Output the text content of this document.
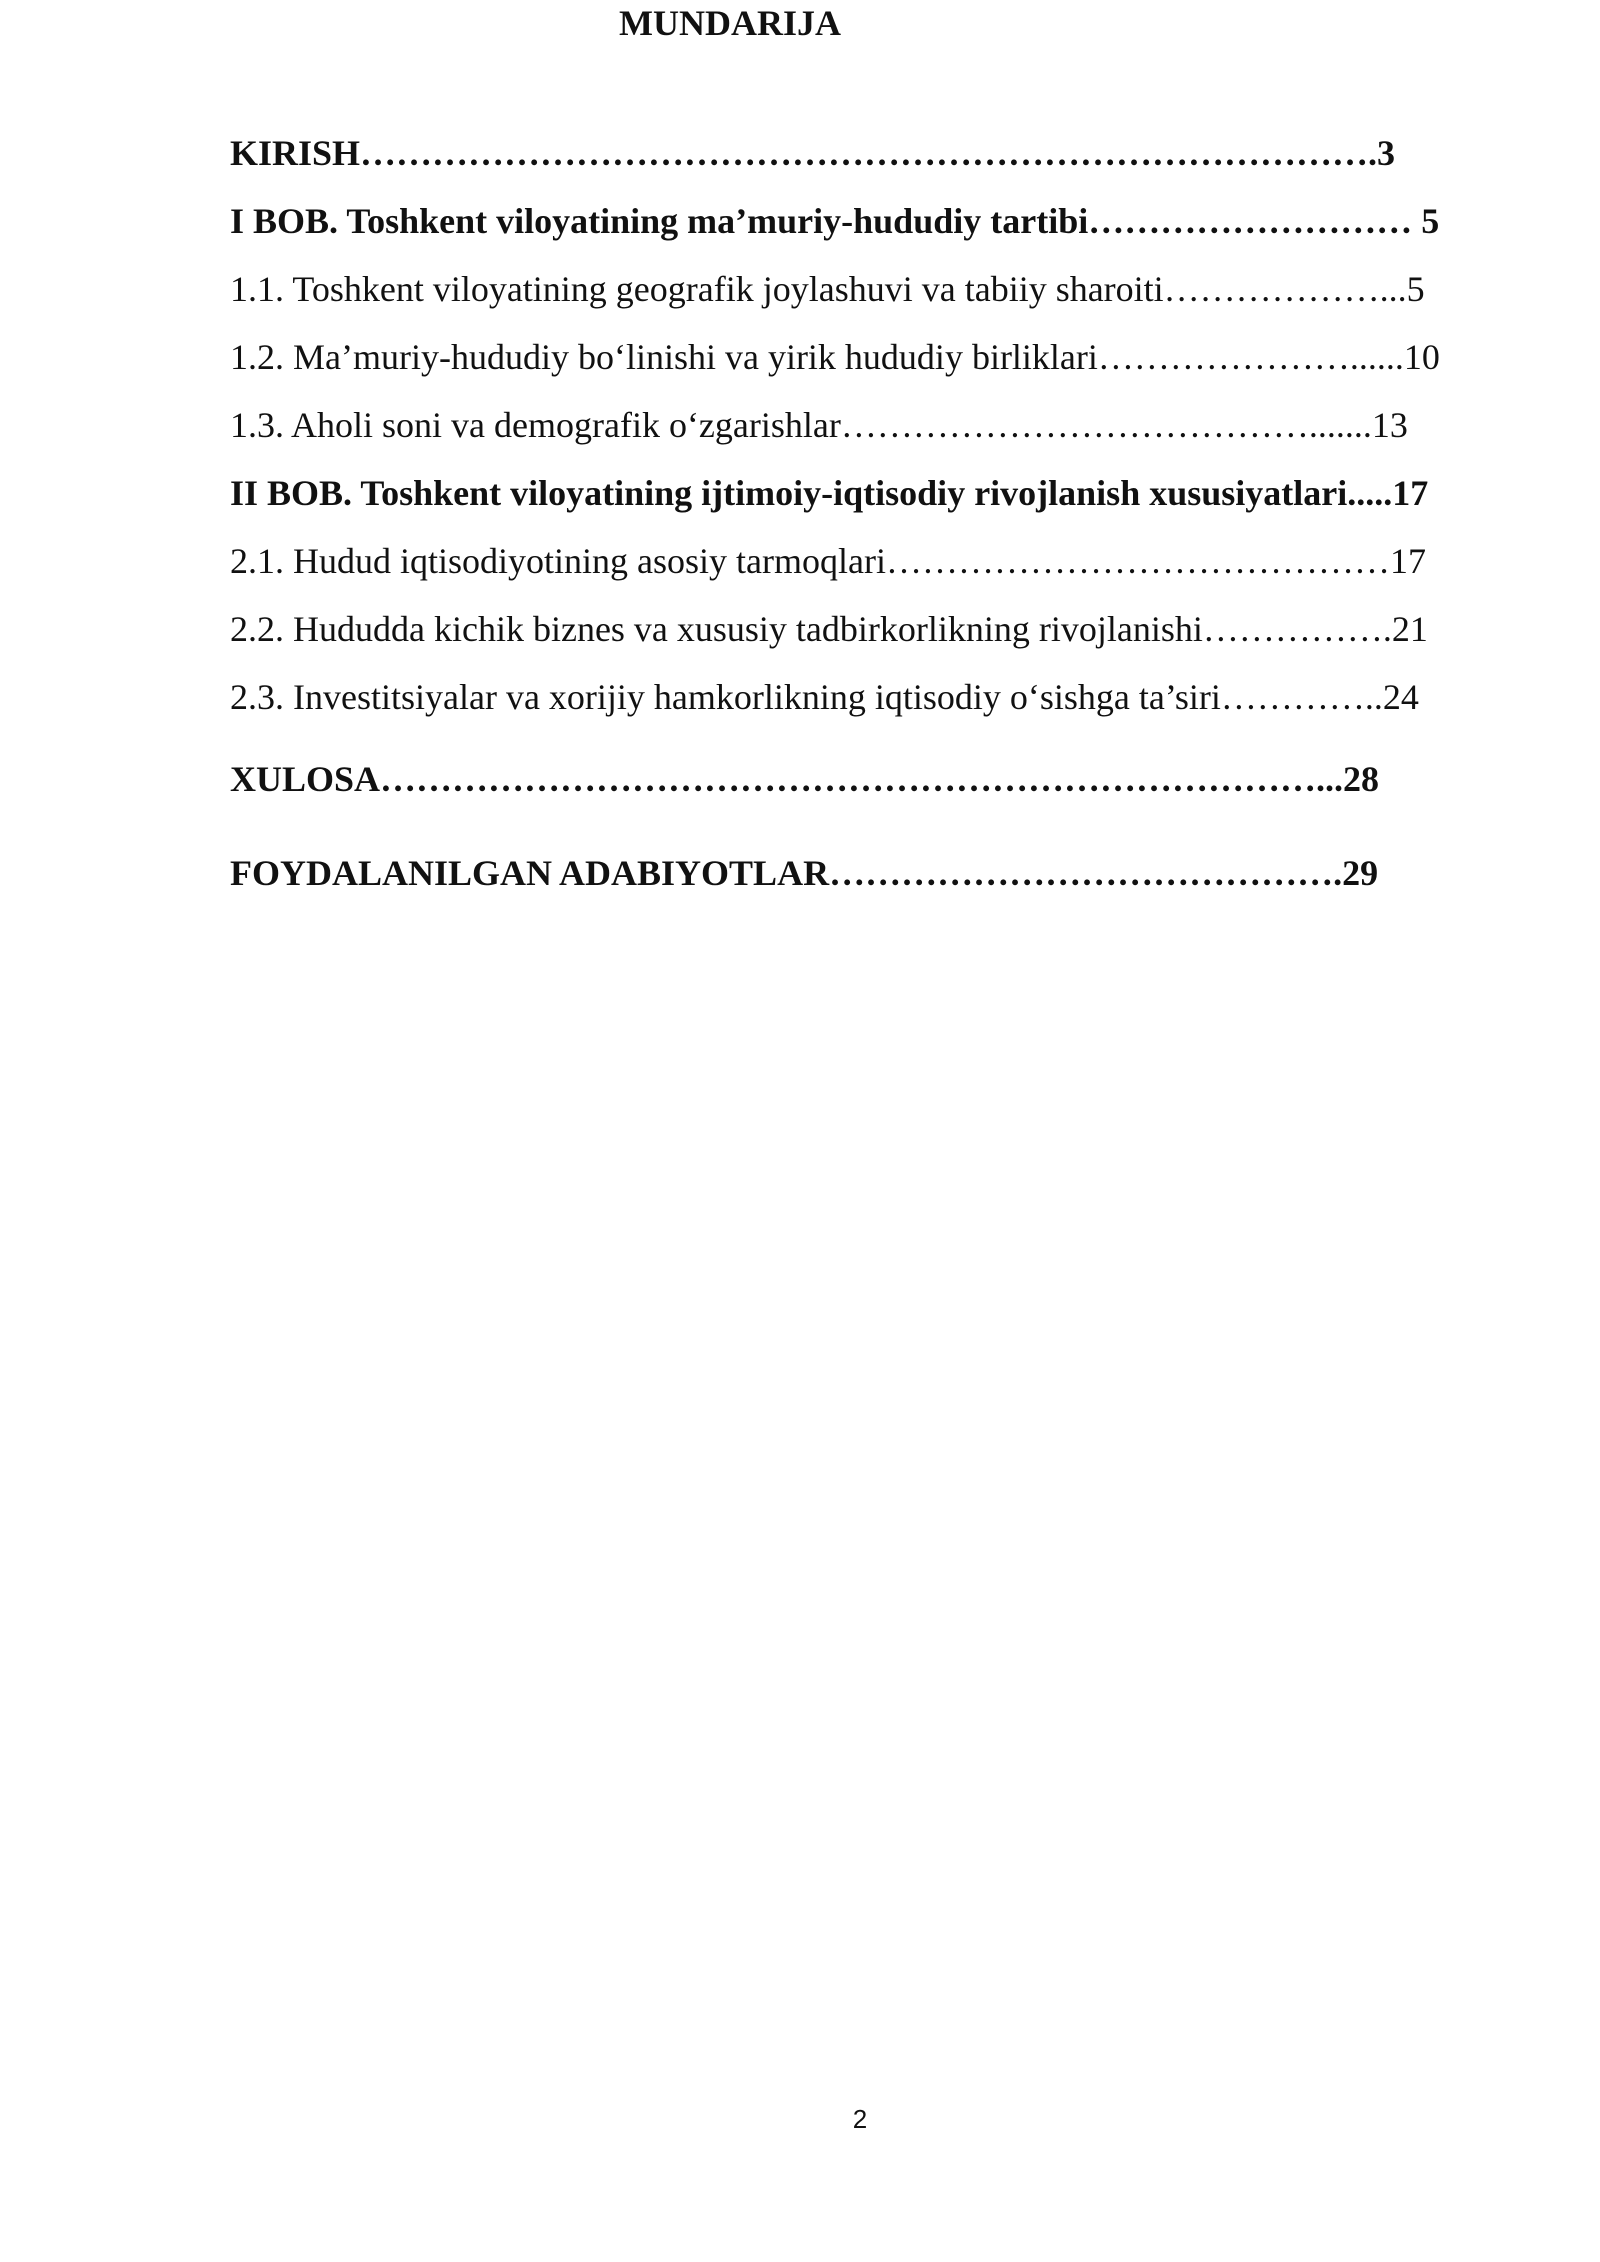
MUNDARIJA
KIRISH………………………………………………………………………….3
I BOB. Toshkent viloyatining ma’muriy-hududiy tartibi……………………… 5
1.1. Toshkent viloyatining geografik joylashuvi va tabiiy sharoiti………………...5
1.2. Ma’muriy-hududiy bo‘linishi va yirik hududiy birliklari…………………......10
1.3. Aholi soni va demografik o‘zgarishlar………………………………….......13
II BOB. Toshkent viloyatining ijtimoiy-iqtisodiy rivojlanish xususiyatlari.....17
2.1. Hudud iqtisodiyotining asosiy tarmoqlari……………………………………17
2.2. Hududda kichik biznes va xususiy tadbirkorlikning rivojlanishi…………….21
2.3. Investitsiyalar va xorijiy hamkorlikning iqtisodiy o‘sishga ta’siri…………..24
XULOSA……………………………………………………………………...28
FOYDALANILGAN ADABIYOTLAR…………………………………….29
2
